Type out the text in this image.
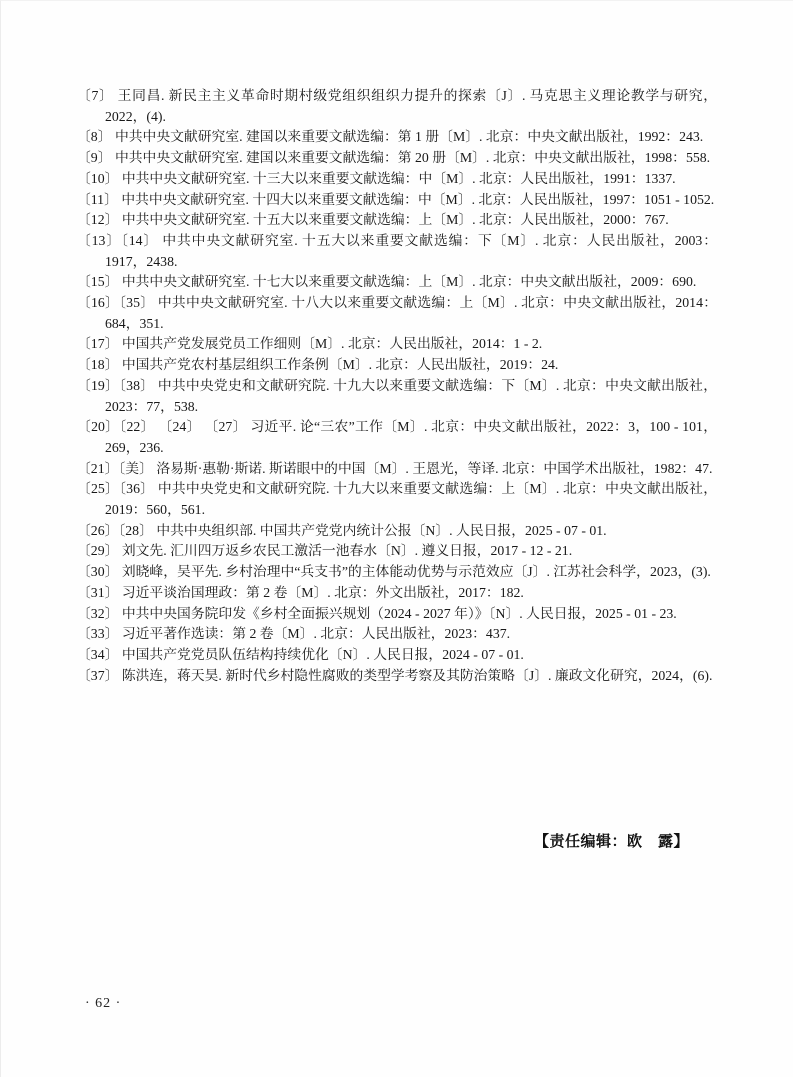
〔7〕 王同昌. 新民主主义革命时期村级党组织组织力提升的探索〔J〕. 马克思主义理论教学与研究，2022，(4).
〔8〕 中共中央文献研究室. 建国以来重要文献选编：第 1 册〔M〕. 北京：中央文献出版社，1992：243.
〔9〕 中共中央文献研究室. 建国以来重要文献选编：第 20 册〔M〕. 北京：中央文献出版社，1998：558.
〔10〕 中共中央文献研究室. 十三大以来重要文献选编：中〔M〕. 北京：人民出版社，1991：1337.
〔11〕 中共中央文献研究室. 十四大以来重要文献选编：中〔M〕. 北京：人民出版社，1997：1051 - 1052.
〔12〕 中共中央文献研究室. 十五大以来重要文献选编：上〔M〕. 北京：人民出版社，2000：767.
〔13〕〔14〕 中共中央文献研究室. 十五大以来重要文献选编：下〔M〕. 北京：人民出版社，2003：1917，2438.
〔15〕 中共中央文献研究室. 十七大以来重要文献选编：上〔M〕. 北京：中央文献出版社，2009：690.
〔16〕〔35〕 中共中央文献研究室. 十八大以来重要文献选编：上〔M〕. 北京：中央文献出版社，2014：684，351.
〔17〕 中国共产党发展党员工作细则〔M〕. 北京：人民出版社，2014：1 - 2.
〔18〕 中国共产党农村基层组织工作条例〔M〕. 北京：人民出版社，2019：24.
〔19〕〔38〕 中共中央党史和文献研究院. 十九大以来重要文献选编：下〔M〕. 北京：中央文献出版社，2023：77，538.
〔20〕〔22〕 〔24〕 〔27〕 习近平. 论“三农”工作〔M〕. 北京：中央文献出版社，2022：3，100 - 101，269，236.
〔21〕〔美〕 洛易斯·惠勒·斯诺. 斯诺眼中的中国〔M〕. 王恩光，等译. 北京：中国学术出版社，1982：47.
〔25〕〔36〕 中共中央党史和文献研究院. 十九大以来重要文献选编：上〔M〕. 北京：中央文献出版社，2019：560，561.
〔26〕〔28〕 中共中央组织部. 中国共产党党内统计公报〔N〕. 人民日报，2025 - 07 - 01.
〔29〕 刘文先. 汇川四万返乡农民工激活一池春水〔N〕. 遵义日报，2017 - 12 - 21.
〔30〕 刘晓峰，吴平先. 乡村治理中“兵支书”的主体能动优势与示范效应〔J〕. 江苏社会科学，2023，(3).
〔31〕 习近平谈治国理政：第 2 卷〔M〕. 北京：外文出版社，2017：182.
〔32〕 中共中央国务院印发《乡村全面振兴规划（2024 - 2027 年）》〔N〕. 人民日报，2025 - 01 - 23.
〔33〕 习近平著作选读：第 2 卷〔M〕. 北京：人民出版社，2023：437.
〔34〕 中国共产党党员队伍结构持续优化〔N〕. 人民日报，2024 - 07 - 01.
〔37〕 陈洪连，蒋天昊. 新时代乡村隐性腐败的类型学考察及其防治策略〔J〕. 廉政文化研究，2024，(6).
【责任编辑：欧　露】
· 62 ·
